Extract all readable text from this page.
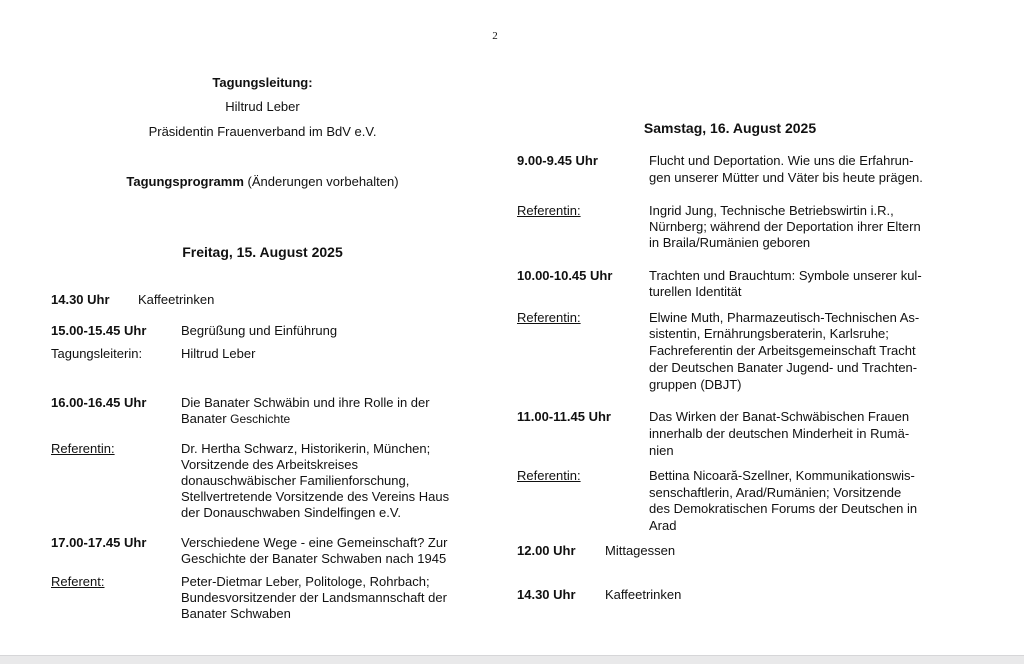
2
Tagungsleitung:
Hiltrud Leber
Präsidentin Frauenverband im BdV e.V.
Tagungsprogramm (Änderungen vorbehalten)
Freitag, 15. August 2025
14.30 Uhr Kaffeetrinken
15.00-15.45 Uhr	Begrüßung und Einführung
Tagungsleiterin:	Hiltrud Leber
16.00-16.45 Uhr	Die Banater Schwäbin und ihre Rolle in der
Banater Geschichte
Referentin:	Dr. Hertha Schwarz, Historikerin, München;
Vorsitzende des Arbeitskreises
donauschwäbischer Familienforschung,
Stellvertretende Vorsitzende des Vereins Haus
der Donauschwaben Sindelfingen e.V.
17.00-17.45 Uhr	Verschiedene Wege - eine Gemeinschaft? Zur
Geschichte der Banater Schwaben nach 1945
Referent:	Peter-Dietmar Leber, Politologe, Rohrbach;
Bundesvorsitzender der Landsmannschaft der
Banater Schwaben
Samstag, 16. August 2025
9.00-9.45 Uhr	Flucht und Deportation. Wie uns die Erfahrun-
gen unserer Mütter und Väter bis heute prägen.
Referentin:	Ingrid Jung, Technische Betriebswirtin i.R.,
Nürnberg; während der Deportation ihrer Eltern
in Braila/Rumänien geboren
10.00-10.45 Uhr	Trachten und Brauchtum: Symbole unserer kul-
turellen Identität
Referentin:	Elwine Muth, Pharmazeutisch-Technischen As-
sistentin, Ernährungsberaterin, Karlsruhe;
Fachreferentin der Arbeitsgemeinschaft Tracht
der Deutschen Banater Jugend- und Trachten-
gruppen (DBJT)
11.00-11.45 Uhr	Das Wirken der Banat-Schwäbischen Frauen
innerhalb der deutschen Minderheit in Rumä-
nien
Referentin:	Bettina Nicoară-Szellner, Kommunikationswis-
senschaftlerin, Arad/Rumänien; Vorsitzende
des Demokratischen Forums der Deutschen in
Arad
12.00 Uhr Mittagessen
14.30 Uhr Kaffeetrinken
